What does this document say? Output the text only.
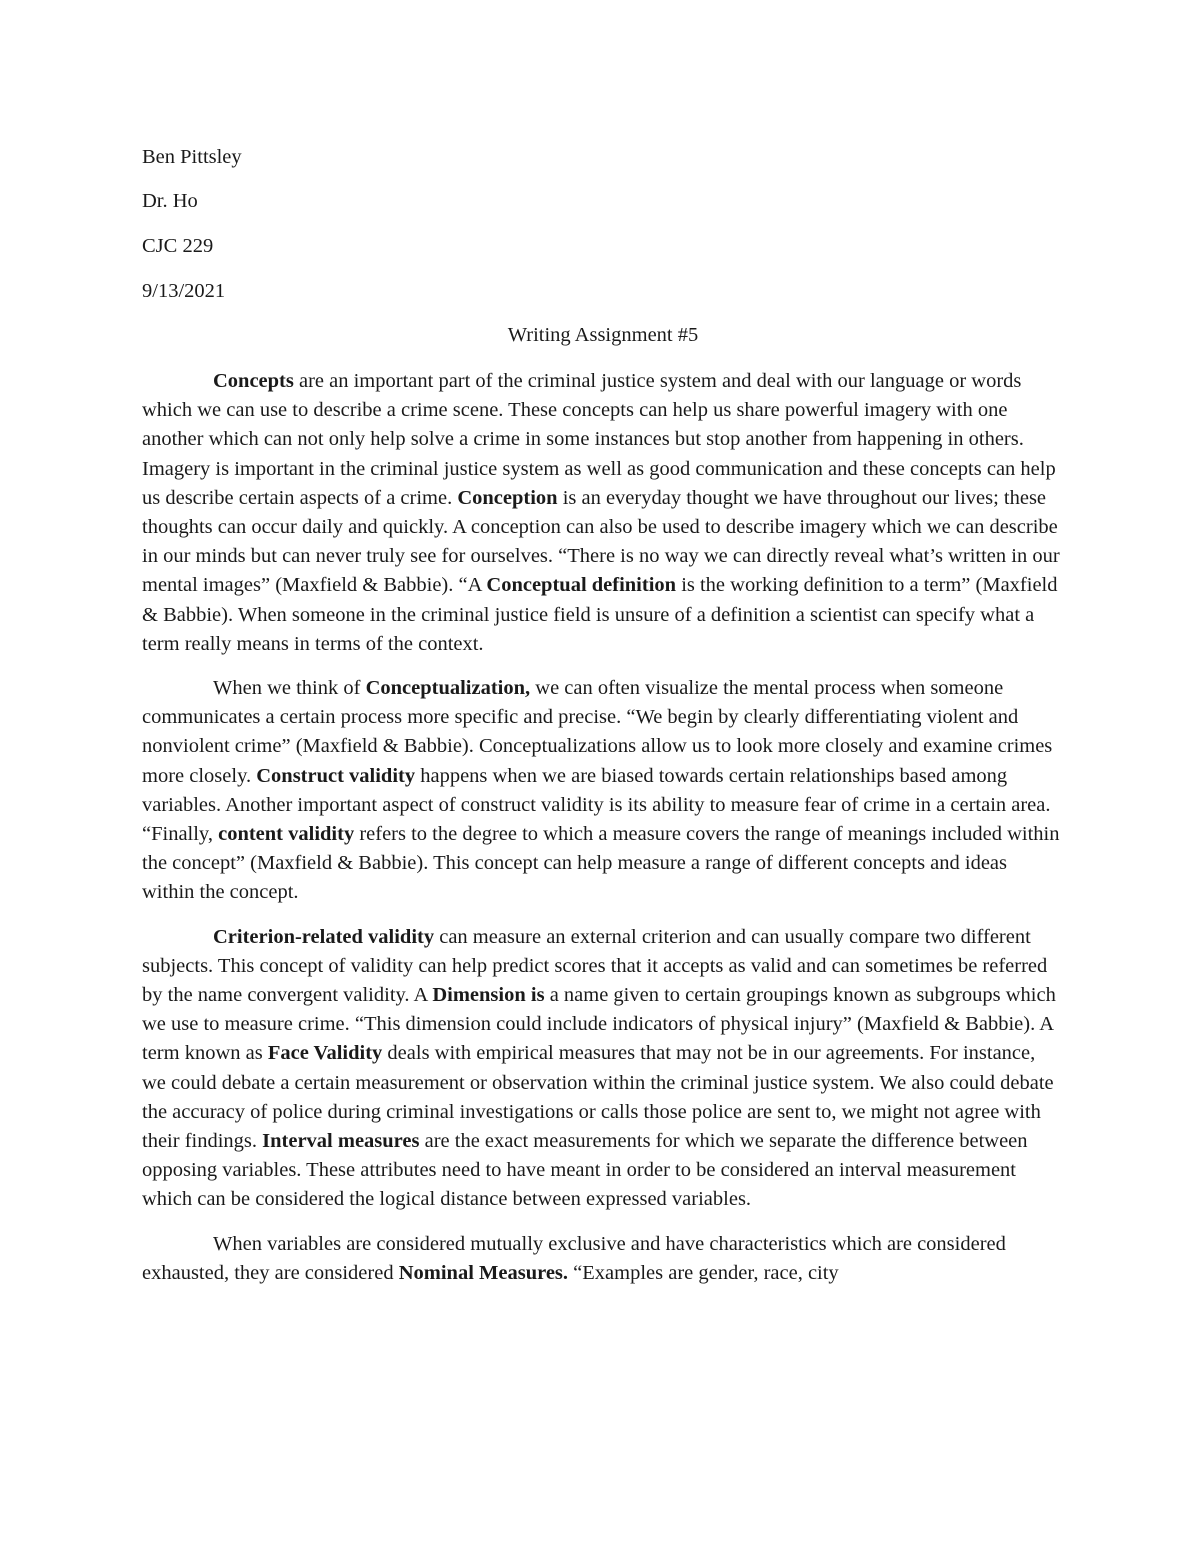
Ben Pittsley
Dr. Ho
CJC 229
9/13/2021
Writing Assignment #5

Concepts are an important part of the criminal justice system and deal with our language or words which we can use to describe a crime scene. These concepts can help us share powerful imagery with one another which can not only help solve a crime in some instances but stop another from happening in others. Imagery is important in the criminal justice system as well as good communication and these concepts can help us describe certain aspects of a crime. Conception is an everyday thought we have throughout our lives; these thoughts can occur daily and quickly. A conception can also be used to describe imagery which we can describe in our minds but can never truly see for ourselves. “There is no way we can directly reveal what’s written in our mental images” (Maxfield & Babbie). “A Conceptual definition is the working definition to a term” (Maxfield & Babbie). When someone in the criminal justice field is unsure of a definition a scientist can specify what a term really means in terms of the context.

When we think of Conceptualization, we can often visualize the mental process when someone communicates a certain process more specific and precise. “We begin by clearly differentiating violent and nonviolent crime” (Maxfield & Babbie). Conceptualizations allow us to look more closely and examine crimes more closely. Construct validity happens when we are biased towards certain relationships based among variables. Another important aspect of construct validity is its ability to measure fear of crime in a certain area. “Finally, content validity refers to the degree to which a measure covers the range of meanings included within the concept” (Maxfield & Babbie). This concept can help measure a range of different concepts and ideas within the concept.

Criterion-related validity can measure an external criterion and can usually compare two different subjects. This concept of validity can help predict scores that it accepts as valid and can sometimes be referred by the name convergent validity. A Dimension is a name given to certain groupings known as subgroups which we use to measure crime. “This dimension could include indicators of physical injury” (Maxfield & Babbie). A term known as Face Validity deals with empirical measures that may not be in our agreements. For instance, we could debate a certain measurement or observation within the criminal justice system. We also could debate the accuracy of police during criminal investigations or calls those police are sent to, we might not agree with their findings. Interval measures are the exact measurements for which we separate the difference between opposing variables. These attributes need to have meant in order to be considered an interval measurement which can be considered the logical distance between expressed variables.

When variables are considered mutually exclusive and have characteristics which are considered exhausted, they are considered Nominal Measures. “Examples are gender, race, city
